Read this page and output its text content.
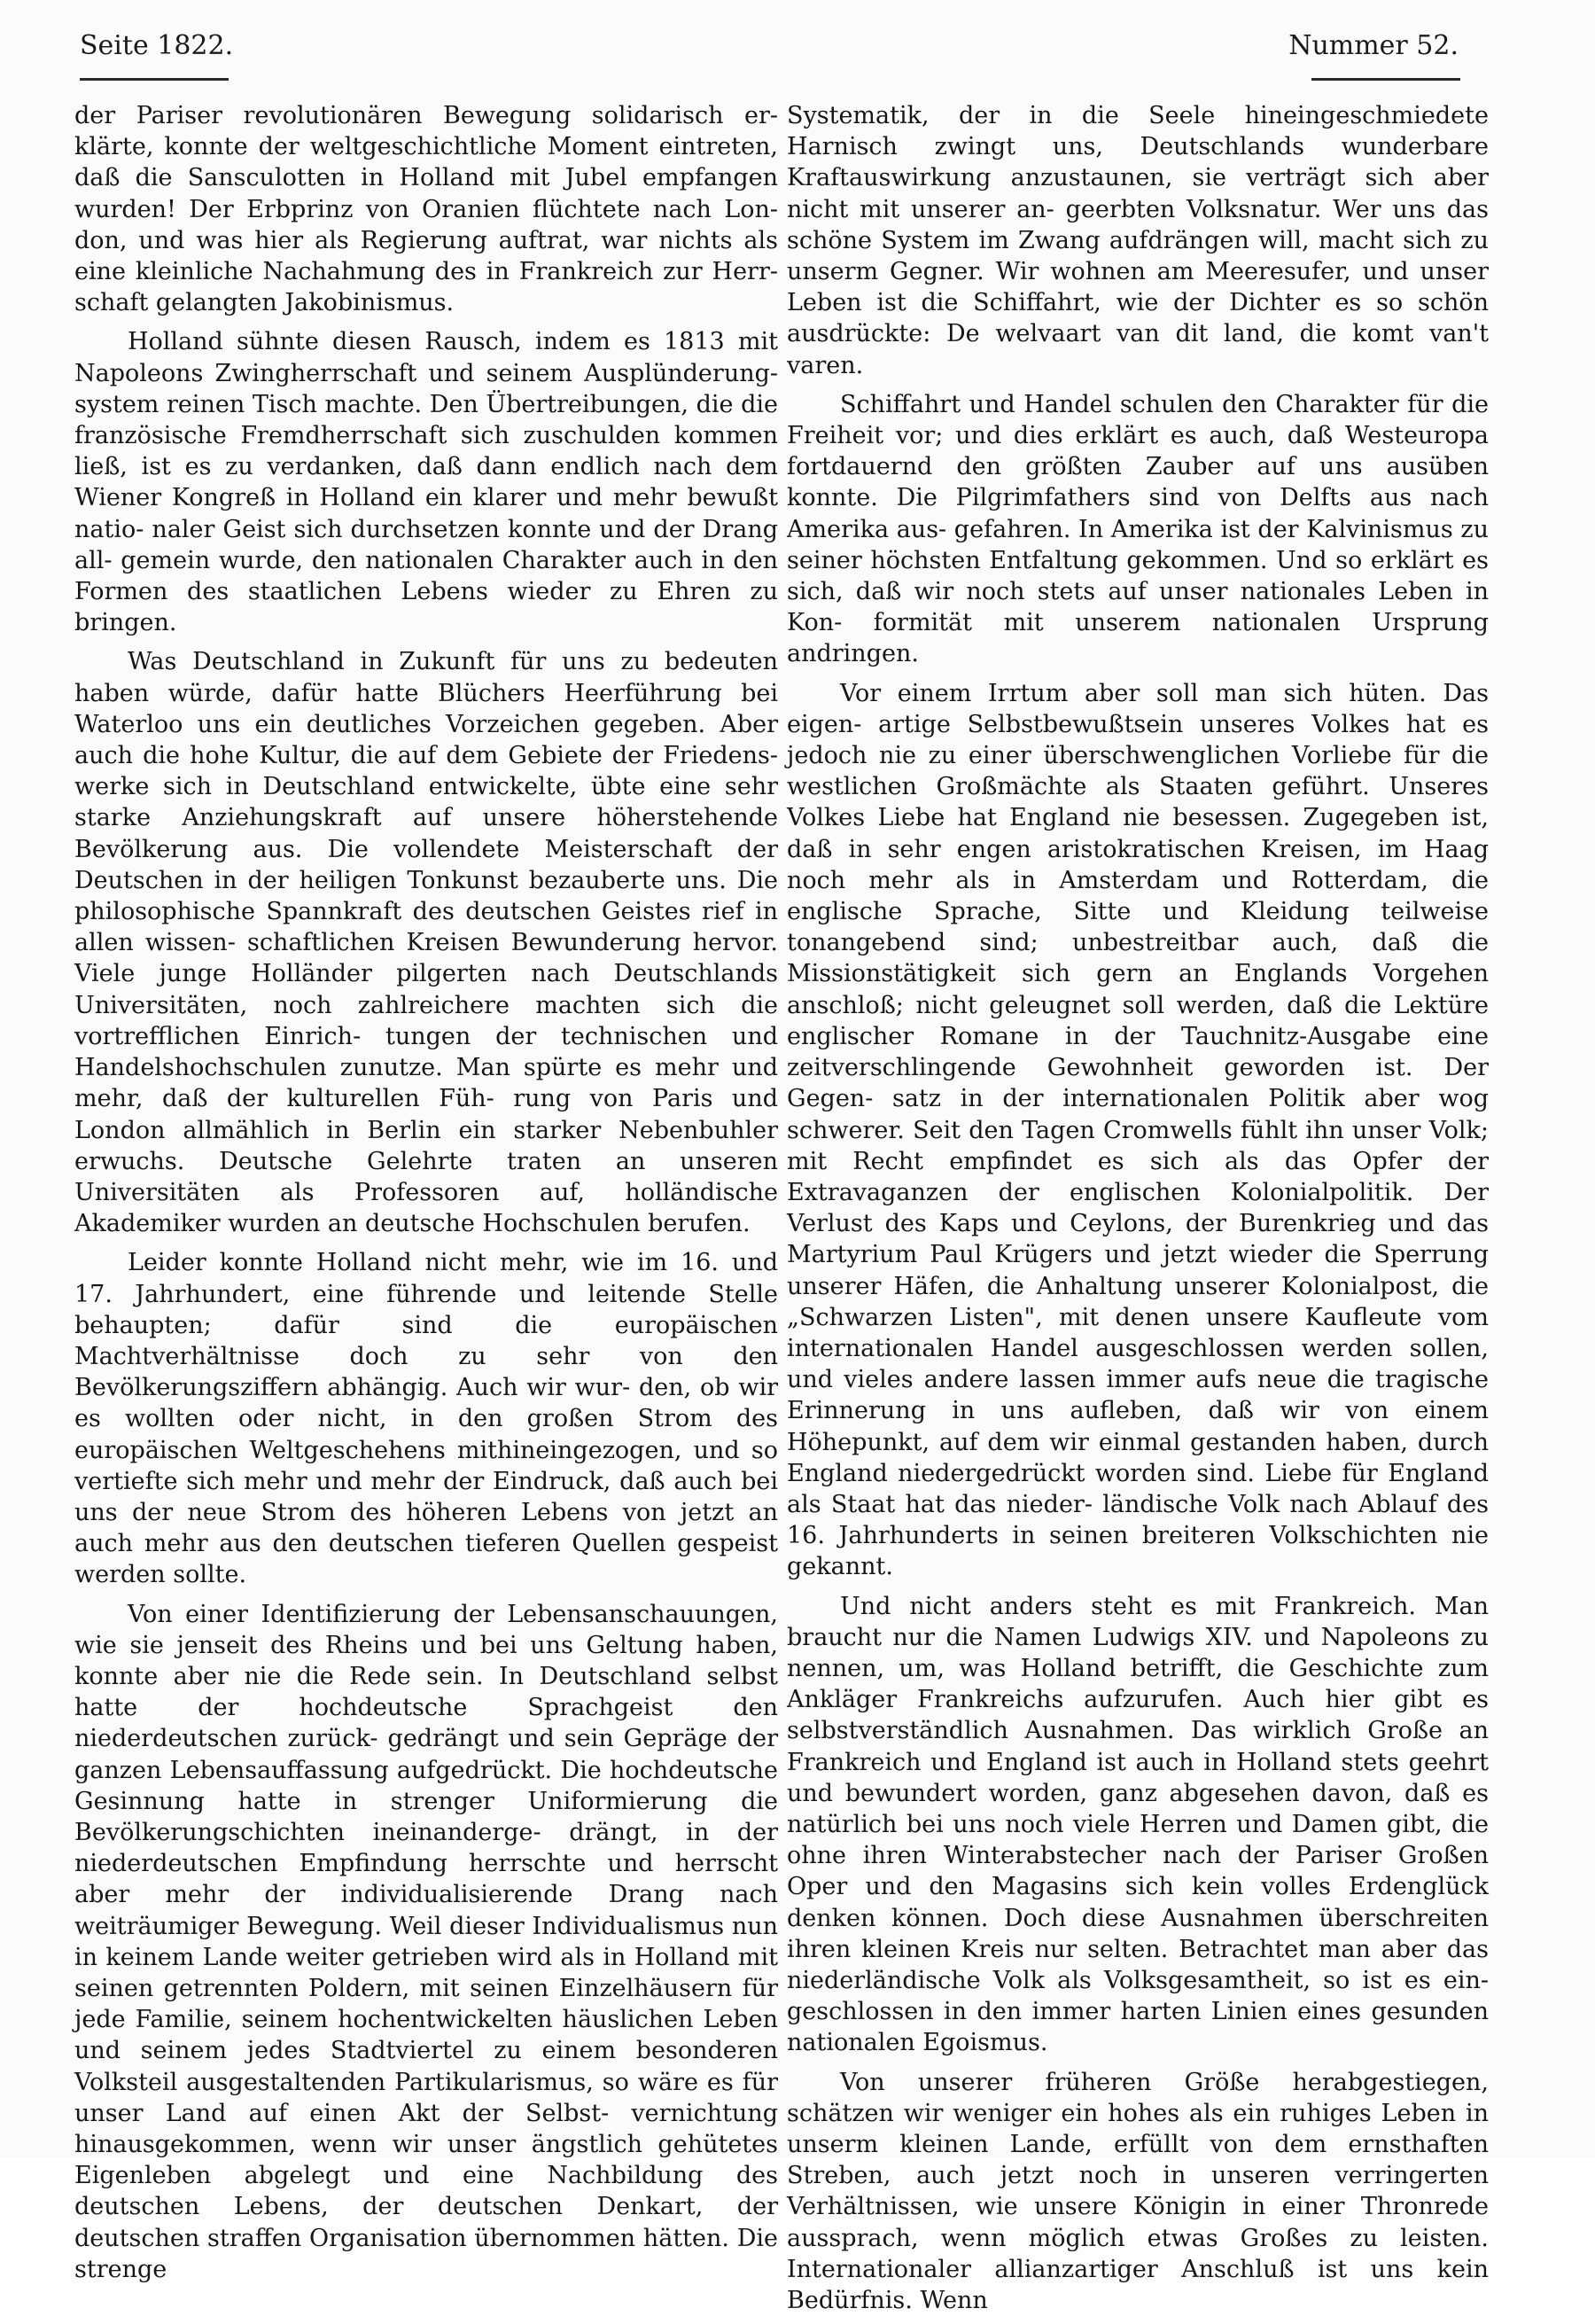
Seite 1822.	Nummer 52.

der Pariser revolutionären Bewegung solidarisch er- klärte, konnte der weltgeschichtliche Moment eintreten, daß die Sansculotten in Holland mit Jubel empfangen wurden! Der Erbprinz von Oranien flüchtete nach Lon- don, und was hier als Regierung auftrat, war nichts als eine kleinliche Nachahmung des in Frankreich zur Herr- schaft gelangten Jakobinismus.

Holland sühnte diesen Rausch, indem es 1813 mit Napoleons Zwingherrschaft und seinem Ausplünderung- system reinen Tisch machte. Den Übertreibungen, die die französische Fremdherrschaft sich zuschulden kommen ließ, ist es zu verdanken, daß dann endlich nach dem Wiener Kongreß in Holland ein klarer und mehr bewußt natio- naler Geist sich durchsetzen konnte und der Drang all- gemein wurde, den nationalen Charakter auch in den Formen des staatlichen Lebens wieder zu Ehren zu bringen.

Was Deutschland in Zukunft für uns zu bedeuten haben würde, dafür hatte Blüchers Heerführung bei Waterloo uns ein deutliches Vorzeichen gegeben. Aber auch die hohe Kultur, die auf dem Gebiete der Friedens- werke sich in Deutschland entwickelte, übte eine sehr starke Anziehungskraft auf unsere höherstehende Bevölkerung aus. Die vollendete Meisterschaft der Deutschen in der heiligen Tonkunst bezauberte uns. Die philosophische Spannkraft des deutschen Geistes rief in allen wissen- schaftlichen Kreisen Bewunderung hervor. Viele junge Holländer pilgerten nach Deutschlands Universitäten, noch zahlreichere machten sich die vortrefflichen Einrich- tungen der technischen und Handelshochschulen zunutze. Man spürte es mehr und mehr, daß der kulturellen Füh- rung von Paris und London allmählich in Berlin ein starker Nebenbuhler erwuchs. Deutsche Gelehrte traten an unseren Universitäten als Professoren auf, holländische Akademiker wurden an deutsche Hochschulen berufen.

Leider konnte Holland nicht mehr, wie im 16. und 17. Jahrhundert, eine führende und leitende Stelle behaupten; dafür sind die europäischen Machtverhältnisse doch zu sehr von den Bevölkerungsziffern abhängig. Auch wir wur- den, ob wir es wollten oder nicht, in den großen Strom des europäischen Weltgeschehens mithineingezogen, und so vertiefte sich mehr und mehr der Eindruck, daß auch bei uns der neue Strom des höheren Lebens von jetzt an auch mehr aus den deutschen tieferen Quellen gespeist werden sollte.

Von einer Identifizierung der Lebensanschauungen, wie sie jenseit des Rheins und bei uns Geltung haben, konnte aber nie die Rede sein. In Deutschland selbst hatte der hochdeutsche Sprachgeist den niederdeutschen zurück- gedrängt und sein Gepräge der ganzen Lebensauffassung aufgedrückt. Die hochdeutsche Gesinnung hatte in strenger Uniformierung die Bevölkerungschichten ineinanderge- drängt, in der niederdeutschen Empfindung herrschte und herrscht aber mehr der individualisierende Drang nach weiträumiger Bewegung. Weil dieser Individualismus nun in keinem Lande weiter getrieben wird als in Holland mit seinen getrennten Poldern, mit seinen Einzelhäusern für jede Familie, seinem hochentwickelten häuslichen Leben und seinem jedes Stadtviertel zu einem besonderen Volksteil ausgestaltenden Partikularismus, so wäre es für unser Land auf einen Akt der Selbst- vernichtung hinausgekommen, wenn wir unser ängstlich gehütetes Eigenleben abgelegt und eine Nachbildung des deutschen Lebens, der deutschen Denkart, der deutschen straffen Organisation übernommen hätten. Die strenge

Systematik, der in die Seele hineingeschmiedete Harnisch zwingt uns, Deutschlands wunderbare Kraftauswirkung anzustaunen, sie verträgt sich aber nicht mit unserer an- geerbten Volksnatur. Wer uns das schöne System im Zwang aufdrängen will, macht sich zu unserm Gegner. Wir wohnen am Meeresufer, und unser Leben ist die Schiffahrt, wie der Dichter es so schön ausdrückte: De welvaart van dit land, die komt van't varen.

Schiffahrt und Handel schulen den Charakter für die Freiheit vor; und dies erklärt es auch, daß Westeuropa fortdauernd den größten Zauber auf uns ausüben konnte. Die Pilgrimfathers sind von Delfts aus nach Amerika aus- gefahren. In Amerika ist der Kalvinismus zu seiner höchsten Entfaltung gekommen. Und so erklärt es sich, daß wir noch stets auf unser nationales Leben in Kon- formität mit unserem nationalen Ursprung andringen.

Vor einem Irrtum aber soll man sich hüten. Das eigen- artige Selbstbewußtsein unseres Volkes hat es jedoch nie zu einer überschwenglichen Vorliebe für die westlichen Großmächte als Staaten geführt. Unseres Volkes Liebe hat England nie besessen. Zugegeben ist, daß in sehr engen aristokratischen Kreisen, im Haag noch mehr als in Amsterdam und Rotterdam, die englische Sprache, Sitte und Kleidung teilweise tonangebend sind; unbestreitbar auch, daß die Missionstätigkeit sich gern an Englands Vorgehen anschloß; nicht geleugnet soll werden, daß die Lektüre englischer Romane in der Tauchnitz-Ausgabe eine zeitverschlingende Gewohnheit geworden ist. Der Gegen- satz in der internationalen Politik aber wog schwerer. Seit den Tagen Cromwells fühlt ihn unser Volk; mit Recht empfindet es sich als das Opfer der Extravaganzen der englischen Kolonialpolitik. Der Verlust des Kaps und Ceylons, der Burenkrieg und das Martyrium Paul Krügers und jetzt wieder die Sperrung unserer Häfen, die Anhaltung unserer Kolonialpost, die „Schwarzen Listen", mit denen unsere Kaufleute vom internationalen Handel ausgeschlossen werden sollen, und vieles andere lassen immer aufs neue die tragische Erinnerung in uns aufleben, daß wir von einem Höhepunkt, auf dem wir einmal gestanden haben, durch England niedergedrückt worden sind. Liebe für England als Staat hat das nieder- ländische Volk nach Ablauf des 16. Jahrhunderts in seinen breiteren Volkschichten nie gekannt.

Und nicht anders steht es mit Frankreich. Man braucht nur die Namen Ludwigs XIV. und Napoleons zu nennen, um, was Holland betrifft, die Geschichte zum Ankläger Frankreichs aufzurufen. Auch hier gibt es selbstverständlich Ausnahmen. Das wirklich Große an Frankreich und England ist auch in Holland stets geehrt und bewundert worden, ganz abgesehen davon, daß es natürlich bei uns noch viele Herren und Damen gibt, die ohne ihren Winterabstecher nach der Pariser Großen Oper und den Magasins sich kein volles Erdenglück denken können. Doch diese Ausnahmen überschreiten ihren kleinen Kreis nur selten. Betrachtet man aber das niederländische Volk als Volksgesamtheit, so ist es ein- geschlossen in den immer harten Linien eines gesunden nationalen Egoismus.

Von unserer früheren Größe herabgestiegen, schätzen wir weniger ein hohes als ein ruhiges Leben in unserm kleinen Lande, erfüllt von dem ernsthaften Streben, auch jetzt noch in unseren verringerten Verhältnissen, wie unsere Königin in einer Thronrede aussprach, wenn möglich etwas Großes zu leisten. Internationaler allianzartiger Anschluß ist uns kein Bedürfnis. Wenn
